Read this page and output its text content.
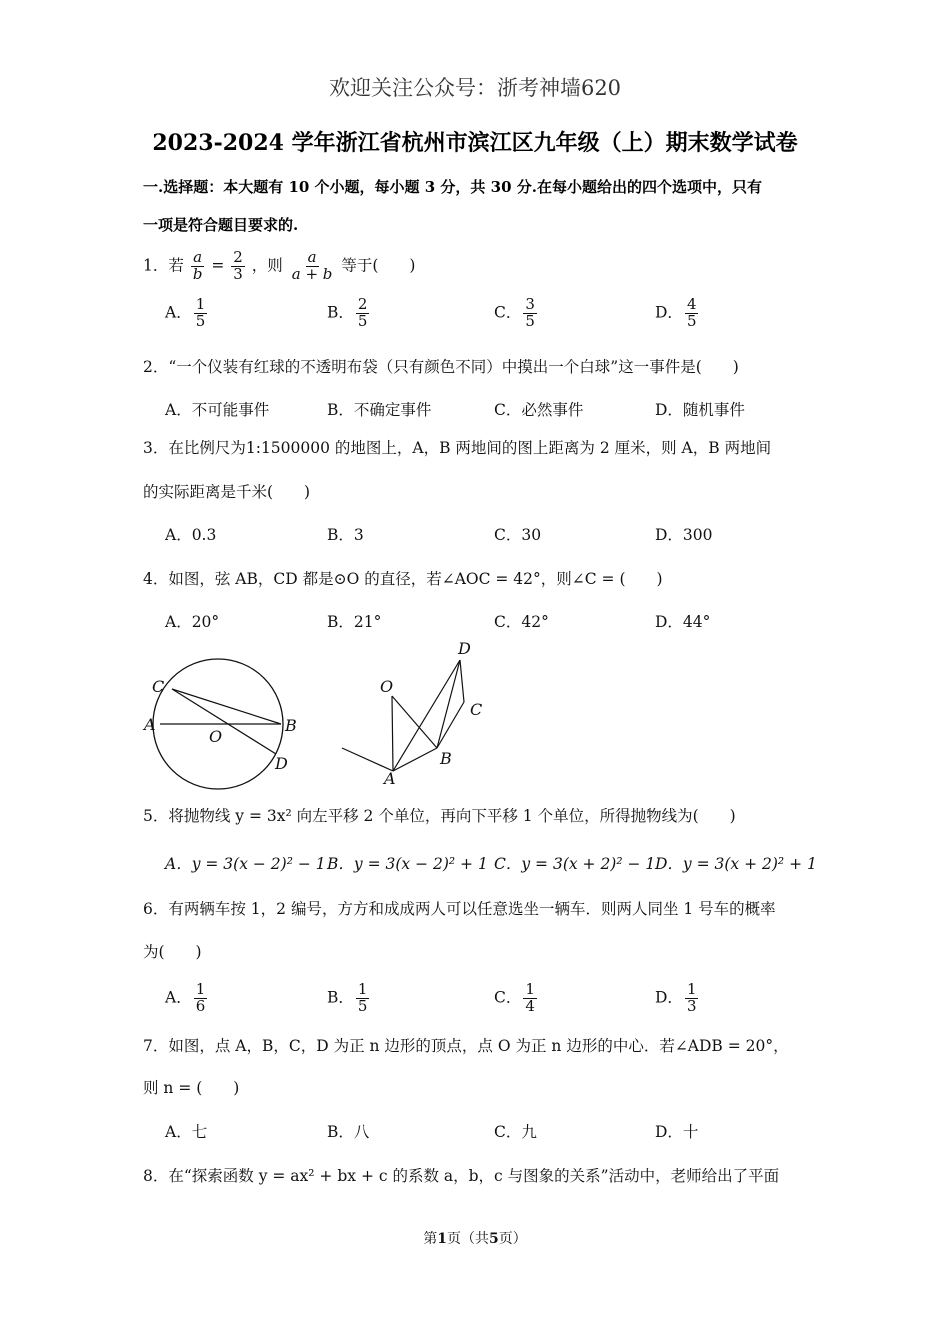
欢迎关注公众号：浙考神墙620
2023-2024 学年浙江省杭州市滨江区九年级（上）期末数学试卷
一.选择题：本大题有 10 个小题，每小题 3 分，共 30 分.在每小题给出的四个选项中，只有
一项是符合题目要求的.
1．若 $\frac{a}{b} = \frac{2}{3}$ ，则 $\frac{a}{a + b}$ 等于(　　)
A． $\frac{1}{5}$	B． $\frac{2}{5}$	C． $\frac{3}{5}$	D． $\frac{4}{5}$
2．“一个仪装有红球的不透明布袋（只有颜色不同）中摸出一个白球”这一事件是(　　)
A．不可能事件	B．不确定事件	C．必然事件	D．随机事件
3．在比例尺为1:1500000 的地图上，A，B 两地间的图上距离为 2 厘米，则 A，B 两地间
的实际距离是千米(　　)
A．0.3	B．3	C．30	D．300
4．如图，弦 AB，CD 都是⊙O 的直径，若∠AOC = 42°，则∠C = (　　)
A．20°	B．21°	C．42°	D．44°
C
A
O
B
D
D
O
C
B
A
5．将抛物线 y = 3x² 向左平移 2 个单位，再向下平移 1 个单位，所得抛物线为(　　)
A．y = 3(x − 2)² − 1 B．y = 3(x − 2)² + 1 C．y = 3(x + 2)² − 1 D．y = 3(x + 2)² + 1
6．有两辆车按 1，2 编号，方方和成成两人可以任意选坐一辆车．则两人同坐 1 号车的概率
为(　　)
A． $\frac{1}{6}$	B． $\frac{1}{5}$	C． $\frac{1}{4}$	D． $\frac{1}{3}$
7．如图，点 A，B，C，D 为正 n 边形的顶点，点 O 为正 n 边形的中心．若∠ADB = 20°，
则 n = (　　)
A．七	B．八	C．九	D．十
8．在“探索函数 y = ax² + bx + c 的系数 a，b，c 与图象的关系”活动中，老师给出了平面
第1页（共5页）
